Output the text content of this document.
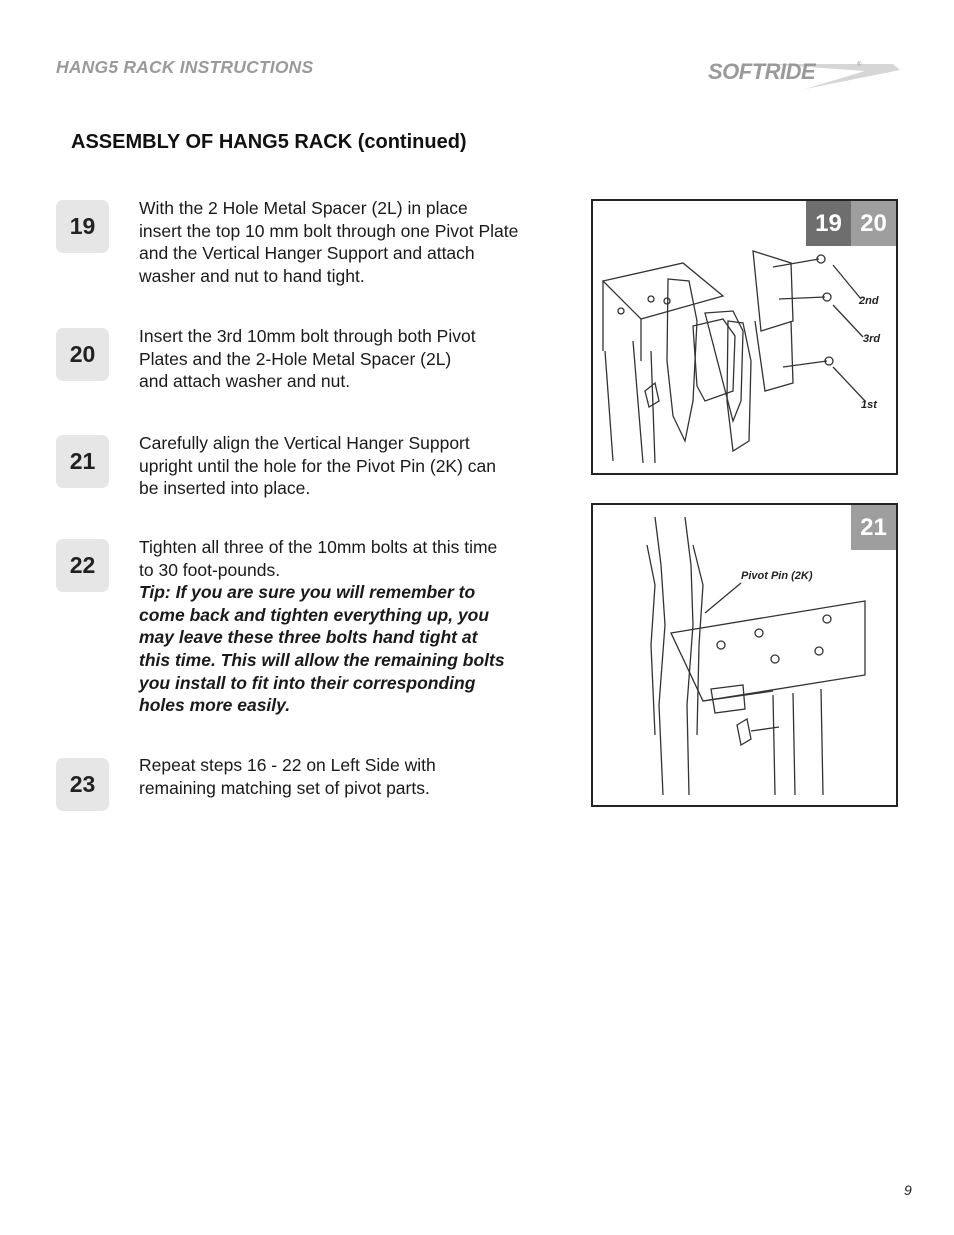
HANG5 RACK INSTRUCTIONS	SOFTRIDE	®
ASSEMBLY OF HANG5 RACK (continued)
19
With the 2 Hole Metal Spacer (2L) in place
insert the top 10 mm bolt through one Pivot Plate
and the Vertical Hanger Support and attach
washer and nut to hand tight.
20
Insert the 3rd 10mm bolt through both Pivot
Plates and the 2-Hole Metal Spacer (2L)
and attach washer and nut.
21
Carefully align the Vertical Hanger Support
upright until the hole for the Pivot Pin (2K) can
be inserted into place.
22
Tighten all three of the 10mm bolts at this time
to 30 foot-pounds.
Tip: If you are sure you will remember to
come back and tighten everything up, you
may leave these three bolts hand tight at
this time. This will allow the remaining bolts
you install to fit into their corresponding
holes more easily.
23
Repeat steps 16 - 22 on Left Side with
remaining matching set of pivot parts.
19 20
2nd
3rd
1st
21
Pivot Pin (2K)
9
